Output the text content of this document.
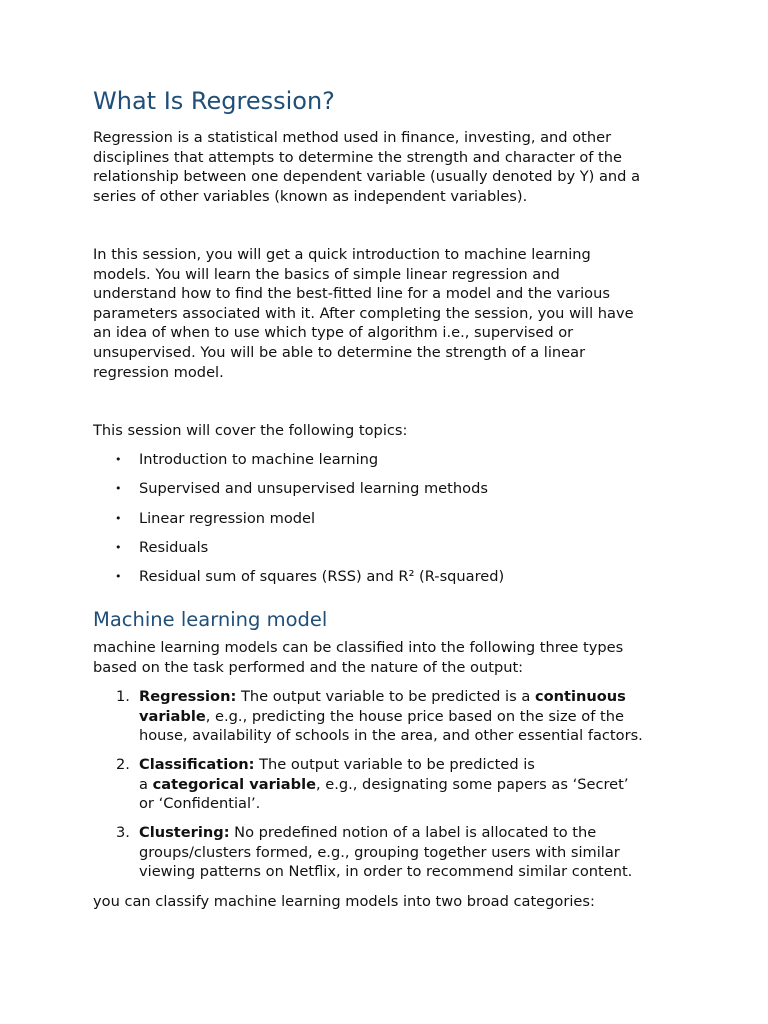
What Is Regression?

Regression is a statistical method used in finance, investing, and other
disciplines that attempts to determine the strength and character of the
relationship between one dependent variable (usually denoted by Y) and a
series of other variables (known as independent variables).

In this session, you will get a quick introduction to machine learning
models. You will learn the basics of simple linear regression and
understand how to find the best-fitted line for a model and the various
parameters associated with it. After completing the session, you will have
an idea of when to use which type of algorithm i.e., supervised or
unsupervised. You will be able to determine the strength of a linear
regression model.

This session will cover the following topics:

• Introduction to machine learning
• Supervised and unsupervised learning methods
• Linear regression model
• Residuals
• Residual sum of squares (RSS) and R² (R-squared)
Machine learning model

machine learning models can be classified into the following three types
based on the task performed and the nature of the output:

1. Regression: The output variable to be predicted is a continuous
variable, e.g., predicting the house price based on the size of the
house, availability of schools in the area, and other essential factors.
2. Classification: The output variable to be predicted is
a categorical variable, e.g., designating some papers as ‘Secret’
or ‘Confidential’.
3. Clustering: No predefined notion of a label is allocated to the
groups/clusters formed, e.g., grouping together users with similar
viewing patterns on Netflix, in order to recommend similar content.

you can classify machine learning models into two broad categories:
